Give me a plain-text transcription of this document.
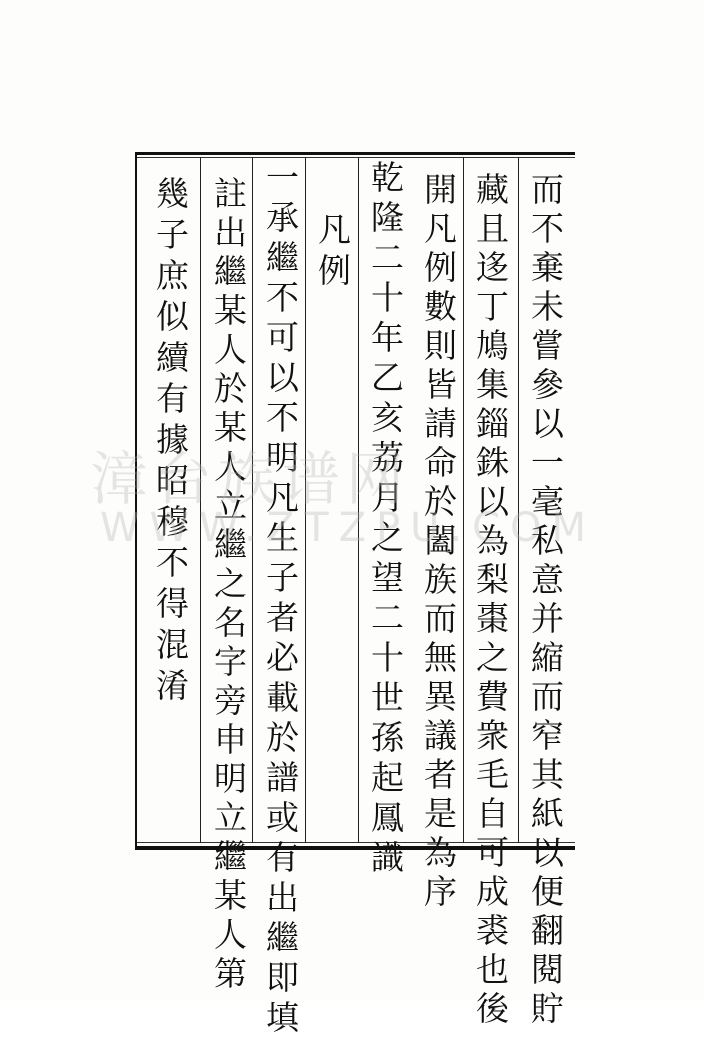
而不棄未嘗參以一毫私意并縮而窄其紙以便翻閱貯
藏且迻丁鳩集錙銖以為梨棗之費衆毛自可成裘也後
開凡例數則皆請命於闔族而無異議者是為序
乾隆二十年乙亥荔月之望二十世孫起鳳識
凡例
一承繼不可以不明凡生子者必載於譜或有出繼即填
註出繼某人於某人立繼之名字旁申明立繼某人第
幾子庶似續有據昭穆不得混淆
漳台族谱网
WWW.ZTZPU.COM
